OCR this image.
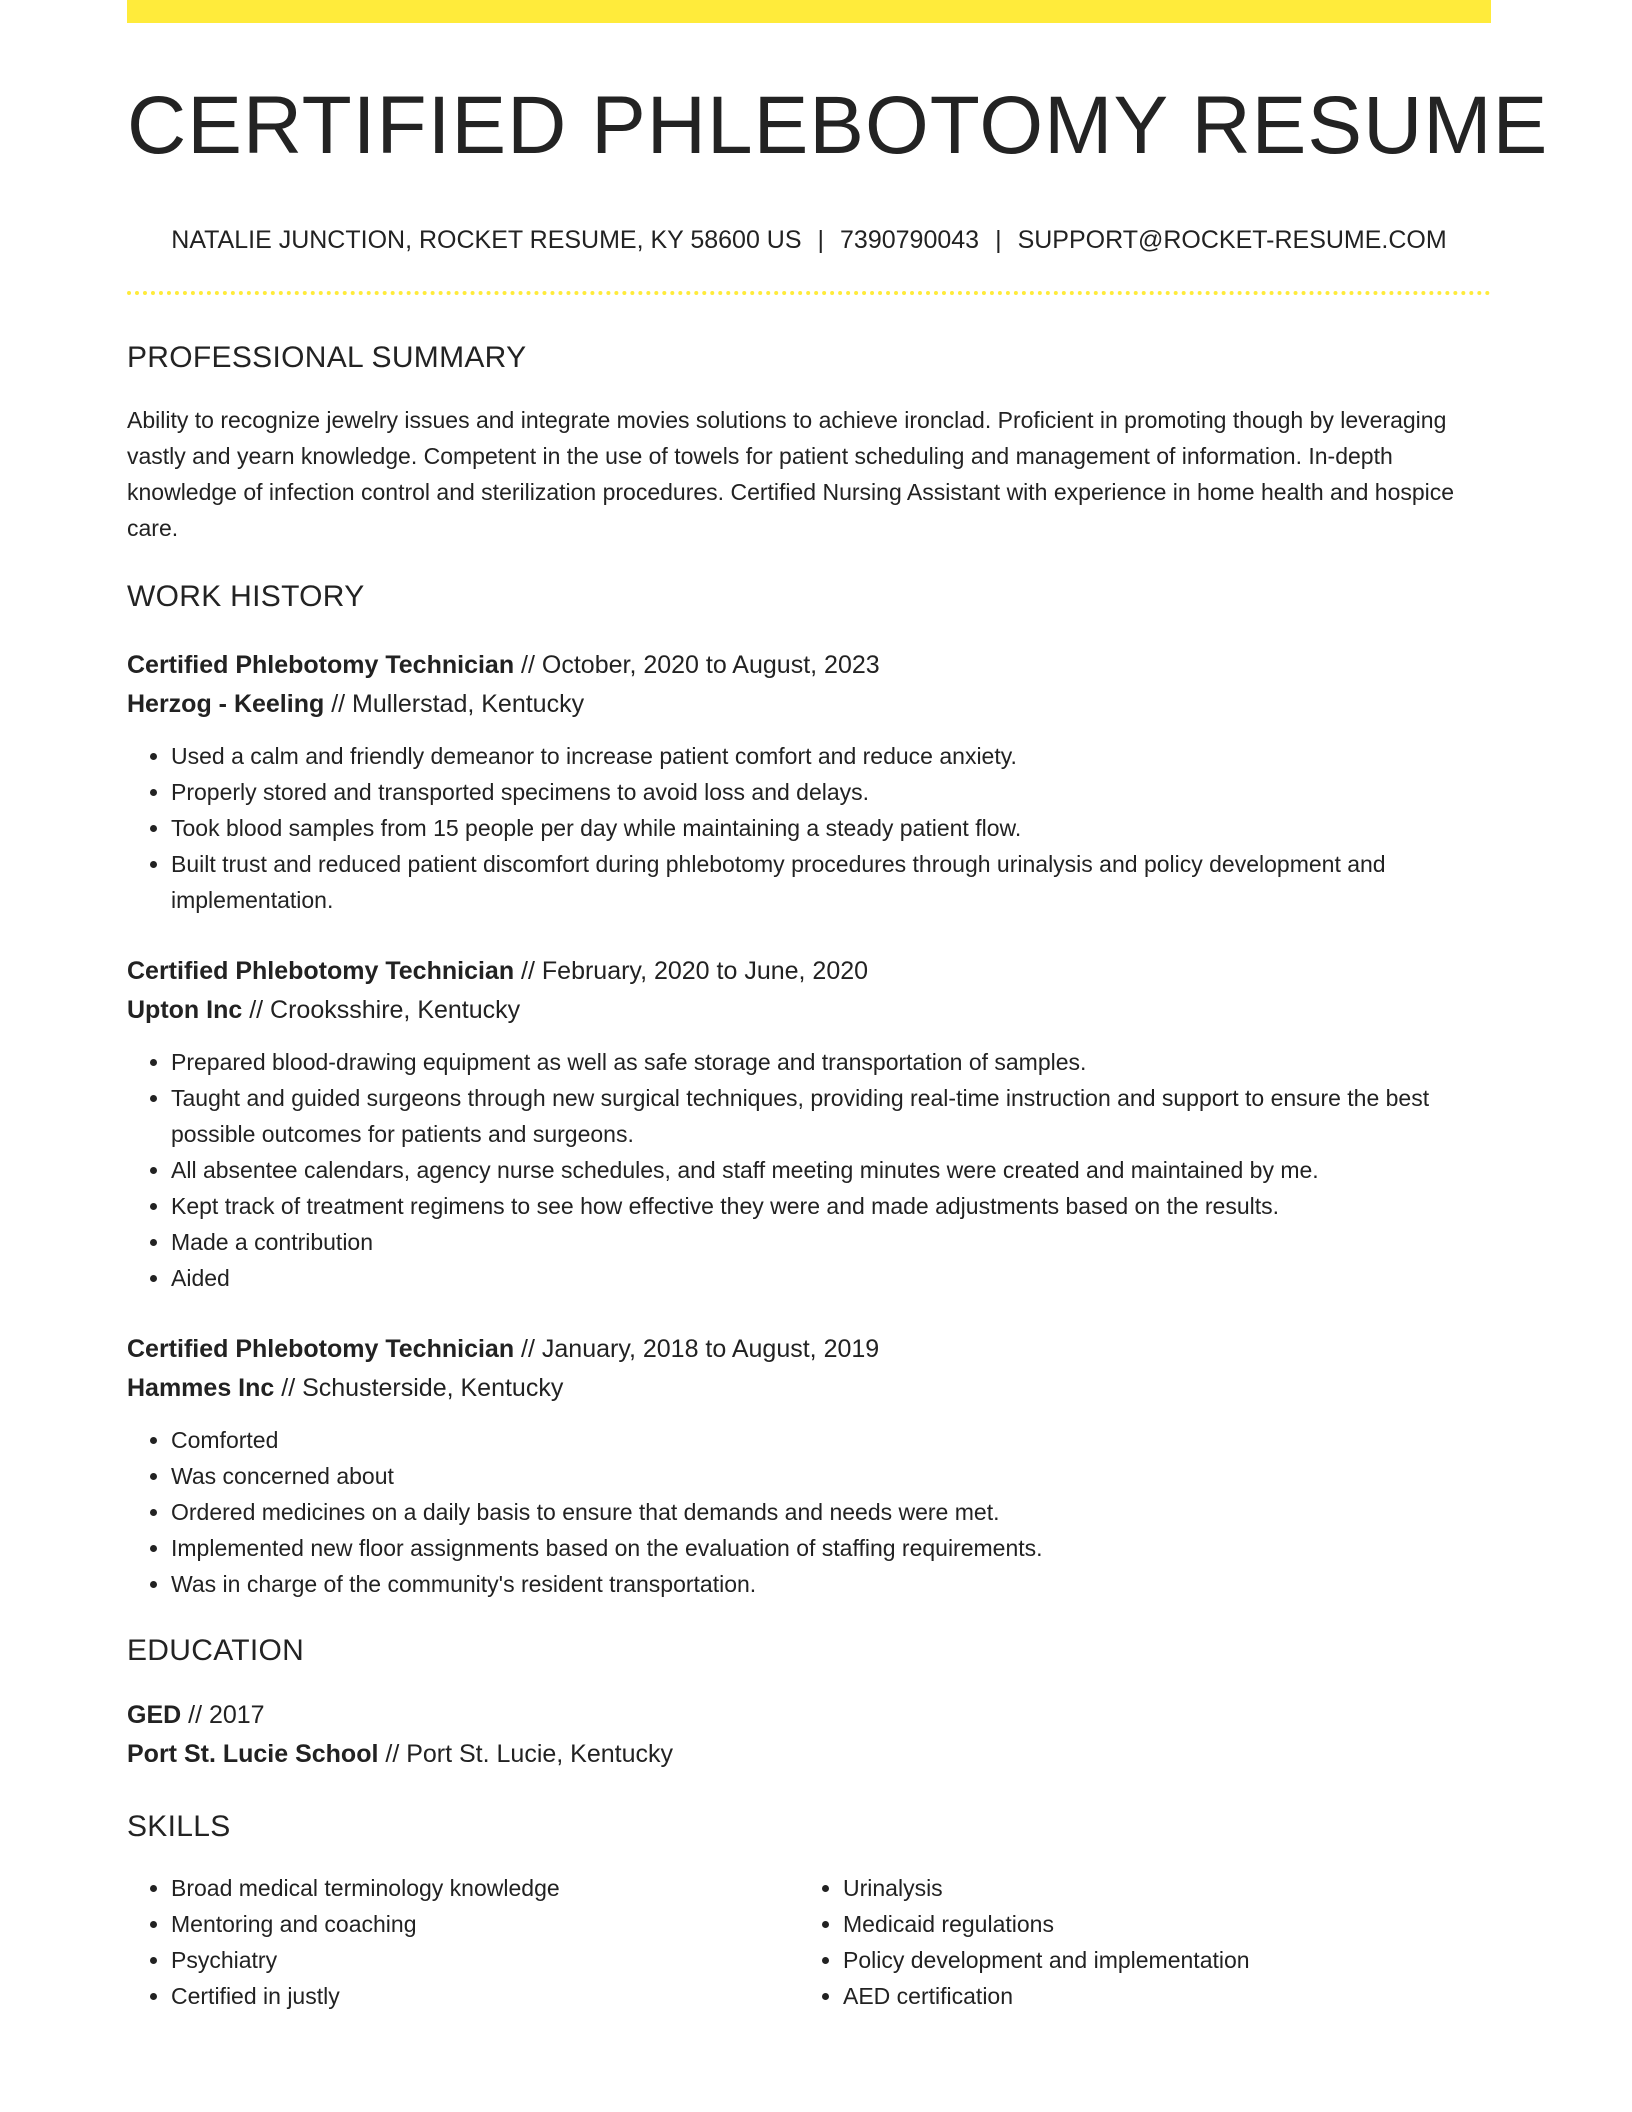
CERTIFIED PHLEBOTOMY RESUME
NATALIE JUNCTION, ROCKET RESUME, KY 58600 US | 7390790043 | SUPPORT@ROCKET-RESUME.COM
PROFESSIONAL SUMMARY
Ability to recognize jewelry issues and integrate movies solutions to achieve ironclad. Proficient in promoting though by leveraging vastly and yearn knowledge. Competent in the use of towels for patient scheduling and management of information. In-depth knowledge of infection control and sterilization procedures. Certified Nursing Assistant with experience in home health and hospice care.
WORK HISTORY
Certified Phlebotomy Technician // October, 2020 to August, 2023
Herzog - Keeling // Mullerstad, Kentucky
• Used a calm and friendly demeanor to increase patient comfort and reduce anxiety.
• Properly stored and transported specimens to avoid loss and delays.
• Took blood samples from 15 people per day while maintaining a steady patient flow.
• Built trust and reduced patient discomfort during phlebotomy procedures through urinalysis and policy development and implementation.
Certified Phlebotomy Technician // February, 2020 to June, 2020
Upton Inc // Crooksshire, Kentucky
• Prepared blood-drawing equipment as well as safe storage and transportation of samples.
• Taught and guided surgeons through new surgical techniques, providing real-time instruction and support to ensure the best possible outcomes for patients and surgeons.
• All absentee calendars, agency nurse schedules, and staff meeting minutes were created and maintained by me.
• Kept track of treatment regimens to see how effective they were and made adjustments based on the results.
• Made a contribution
• Aided
Certified Phlebotomy Technician // January, 2018 to August, 2019
Hammes Inc // Schusterside, Kentucky
• Comforted
• Was concerned about
• Ordered medicines on a daily basis to ensure that demands and needs were met.
• Implemented new floor assignments based on the evaluation of staffing requirements.
• Was in charge of the community's resident transportation.
EDUCATION
GED // 2017
Port St. Lucie School // Port St. Lucie, Kentucky
SKILLS
• Broad medical terminology knowledge
• Mentoring and coaching
• Psychiatry
• Certified in justly
• Urinalysis
• Medicaid regulations
• Policy development and implementation
• AED certification
